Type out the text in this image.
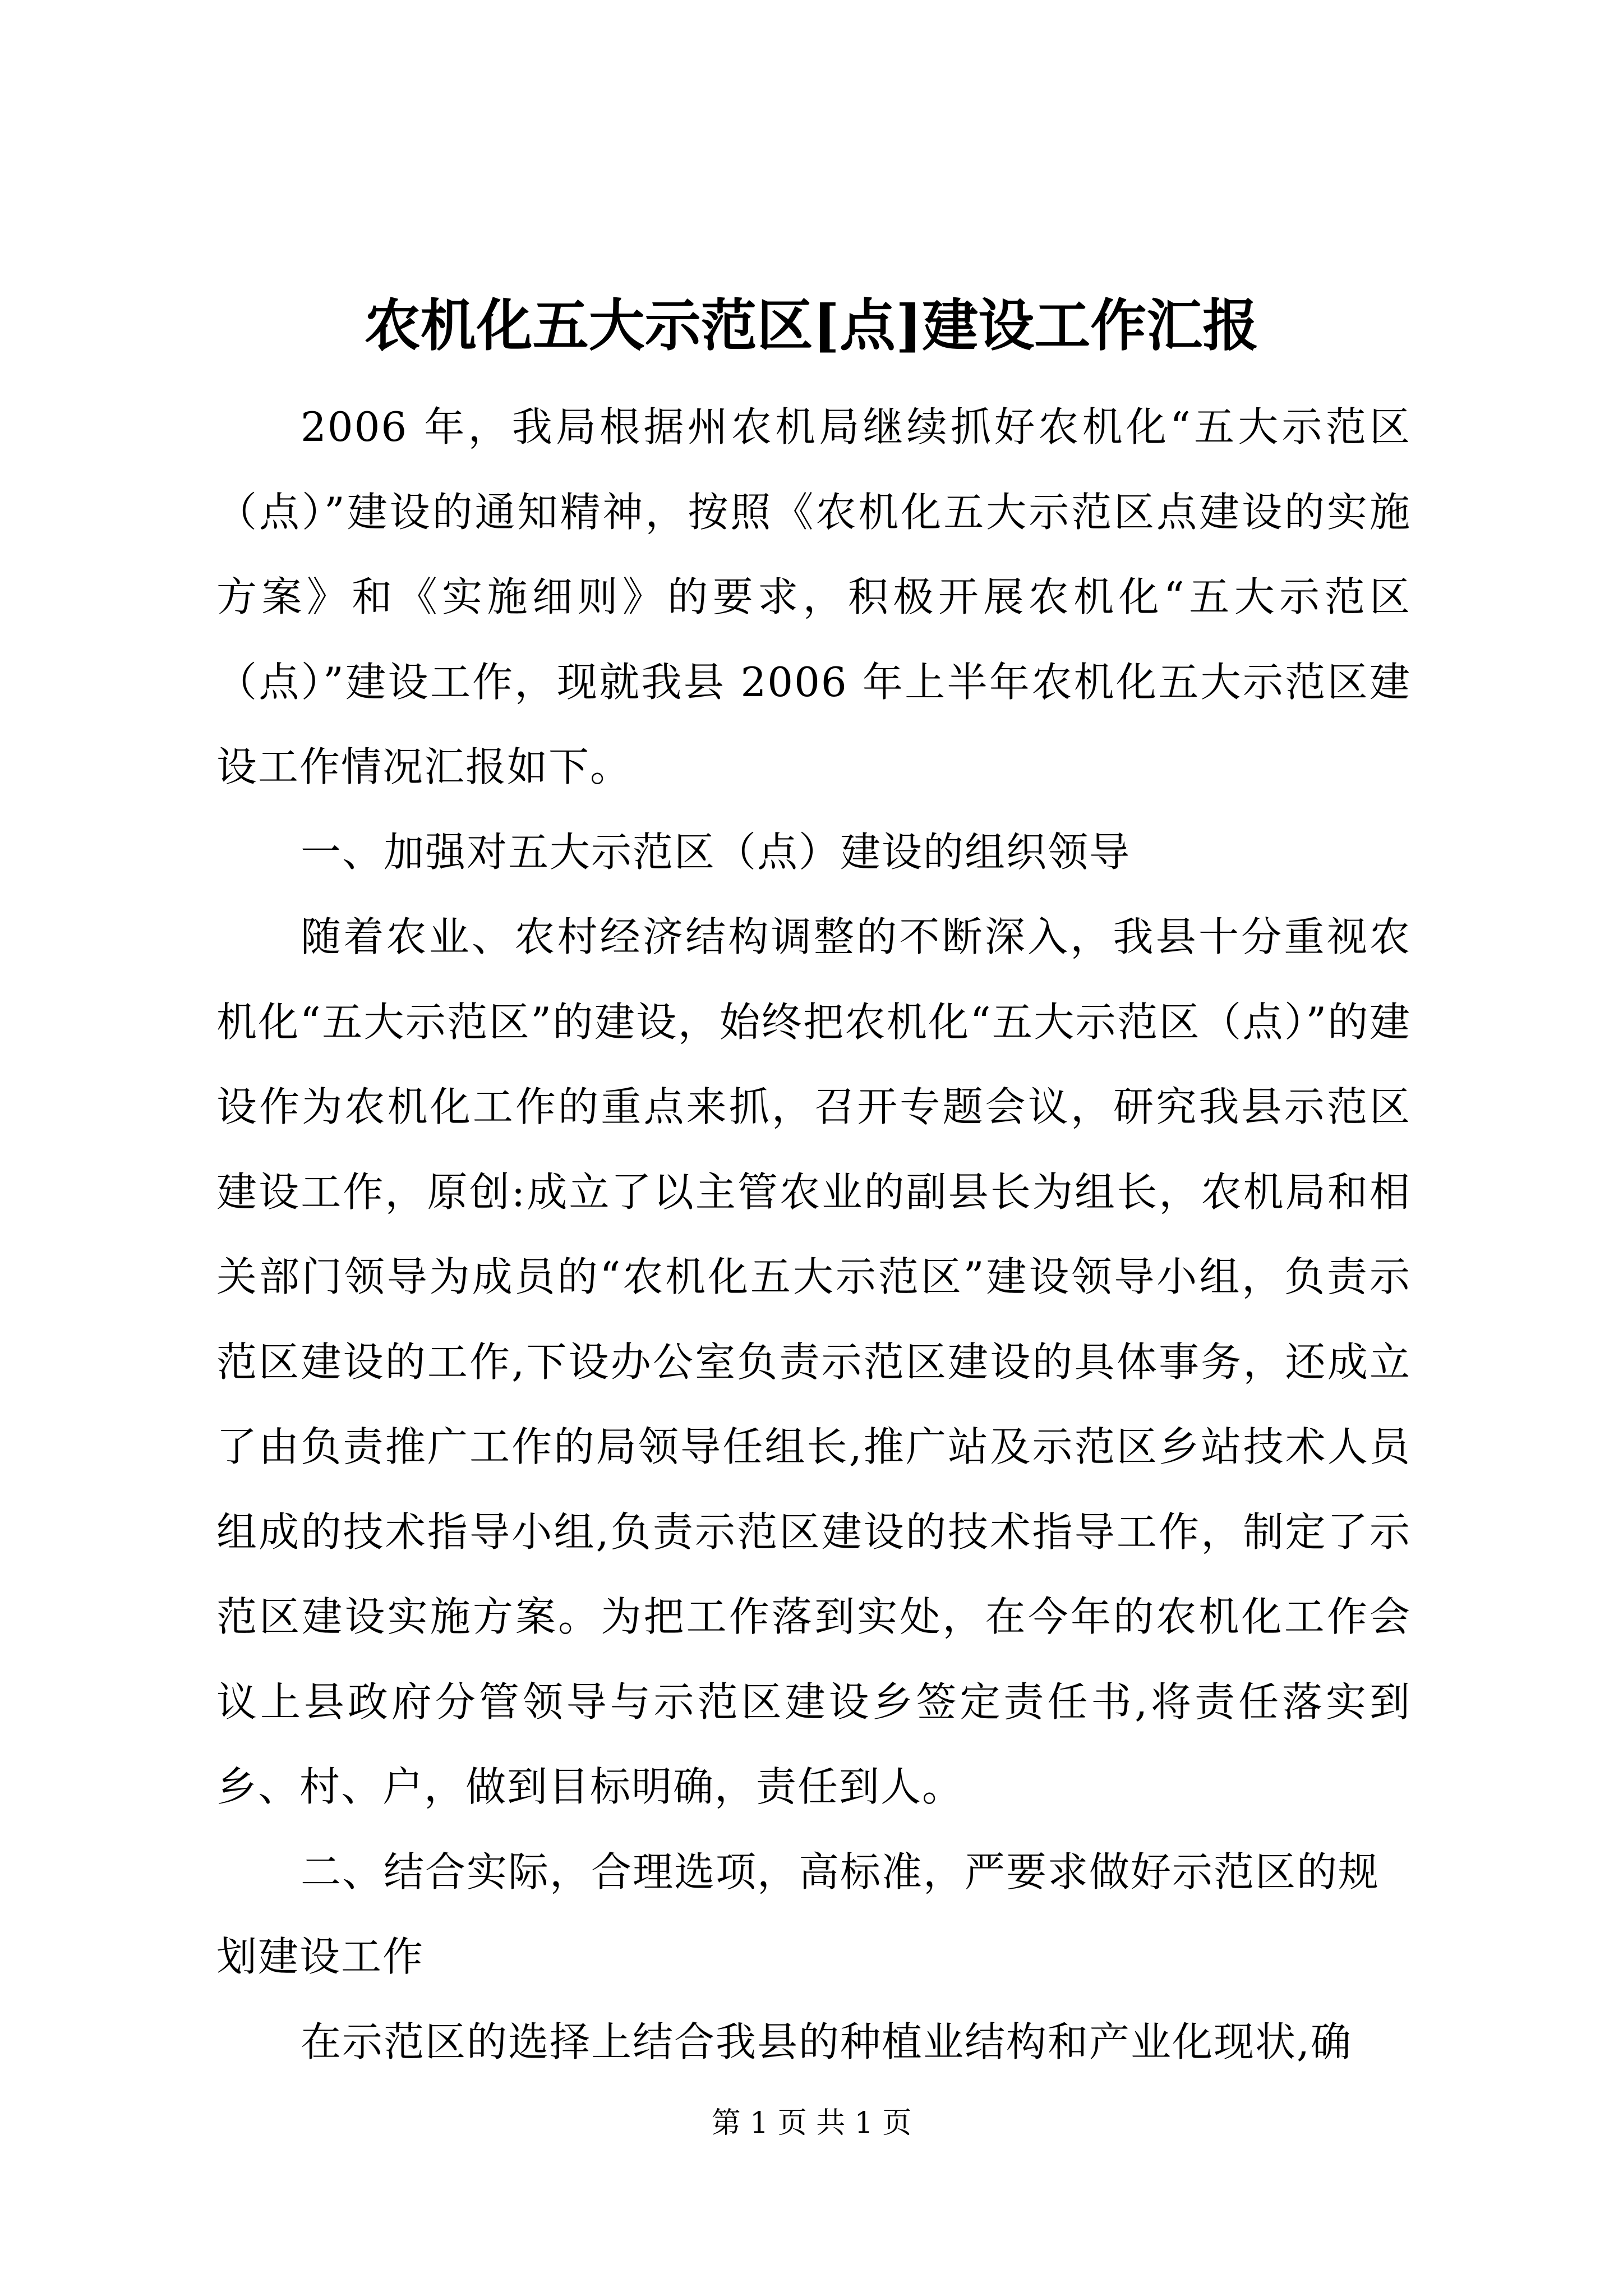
农机化五大示范区[点]建设工作汇报

2006 年，我局根据州农机局继续抓好农机化“五大示范区（点）”建设的通知精神，按照《农机化五大示范区点建设的实施方案》和《实施细则》的要求，积极开展农机化“五大示范区（点）”建设工作，现就我县 2006 年上半年农机化五大示范区建设工作情况汇报如下。

一、加强对五大示范区（点）建设的组织领导

随着农业、农村经济结构调整的不断深入，我县十分重视农机化“五大示范区”的建设，始终把农机化“五大示范区（点）”的建设作为农机化工作的重点来抓，召开专题会议，研究我县示范区建设工作，原创:成立了以主管农业的副县长为组长，农机局和相关部门领导为成员的“农机化五大示范区”建设领导小组，负责示范区建设的工作,下设办公室负责示范区建设的具体事务，还成立了由负责推广工作的局领导任组长,推广站及示范区乡站技术人员组成的技术指导小组,负责示范区建设的技术指导工作，制定了示范区建设实施方案。为把工作落到实处，在今年的农机化工作会议上县政府分管领导与示范区建设乡签定责任书,将责任落实到乡、村、户，做到目标明确，责任到人。

二、结合实际，合理选项，高标准，严要求做好示范区的规划建设工作

在示范区的选择上结合我县的种植业结构和产业化现状,确

第 1 页 共 1 页
